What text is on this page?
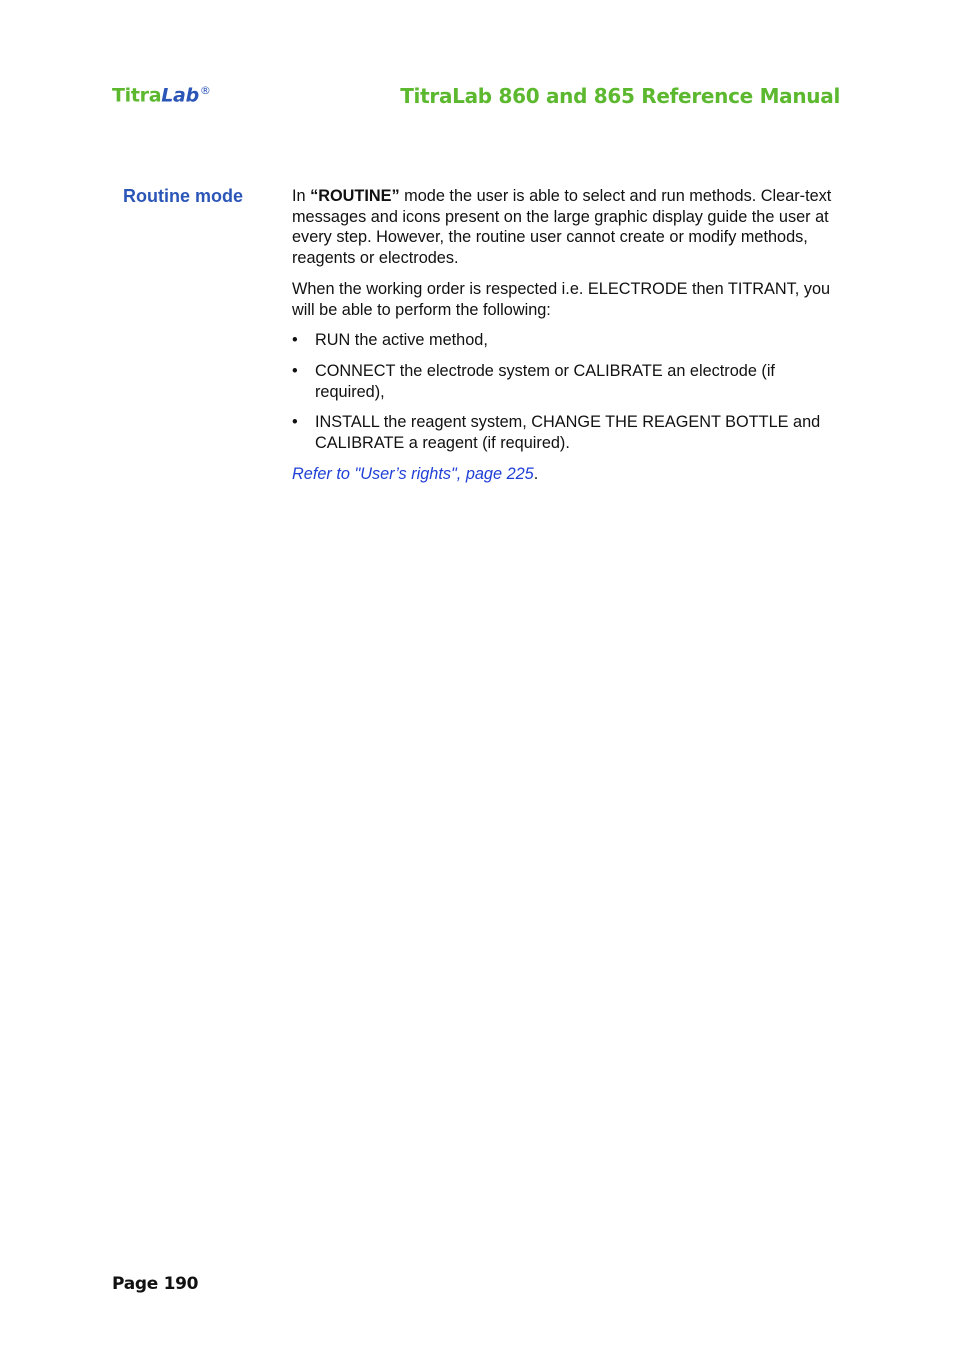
TitraLab®	TitraLab 860 and 865 Reference Manual
Routine mode	In “ROUTINE” mode the user is able to select and run methods. Clear-text messages and icons present on the large graphic display guide the user at every step. However, the routine user cannot create or modify methods, reagents or electrodes.

When the working order is respected i.e. ELECTRODE then TITRANT, you will be able to perform the following:

• RUN the active method,
• CONNECT the electrode system or CALIBRATE an electrode (if required),
• INSTALL the reagent system, CHANGE THE REAGENT BOTTLE and CALIBRATE a reagent (if required).

Refer to "User’s rights", page 225.

Page 190
